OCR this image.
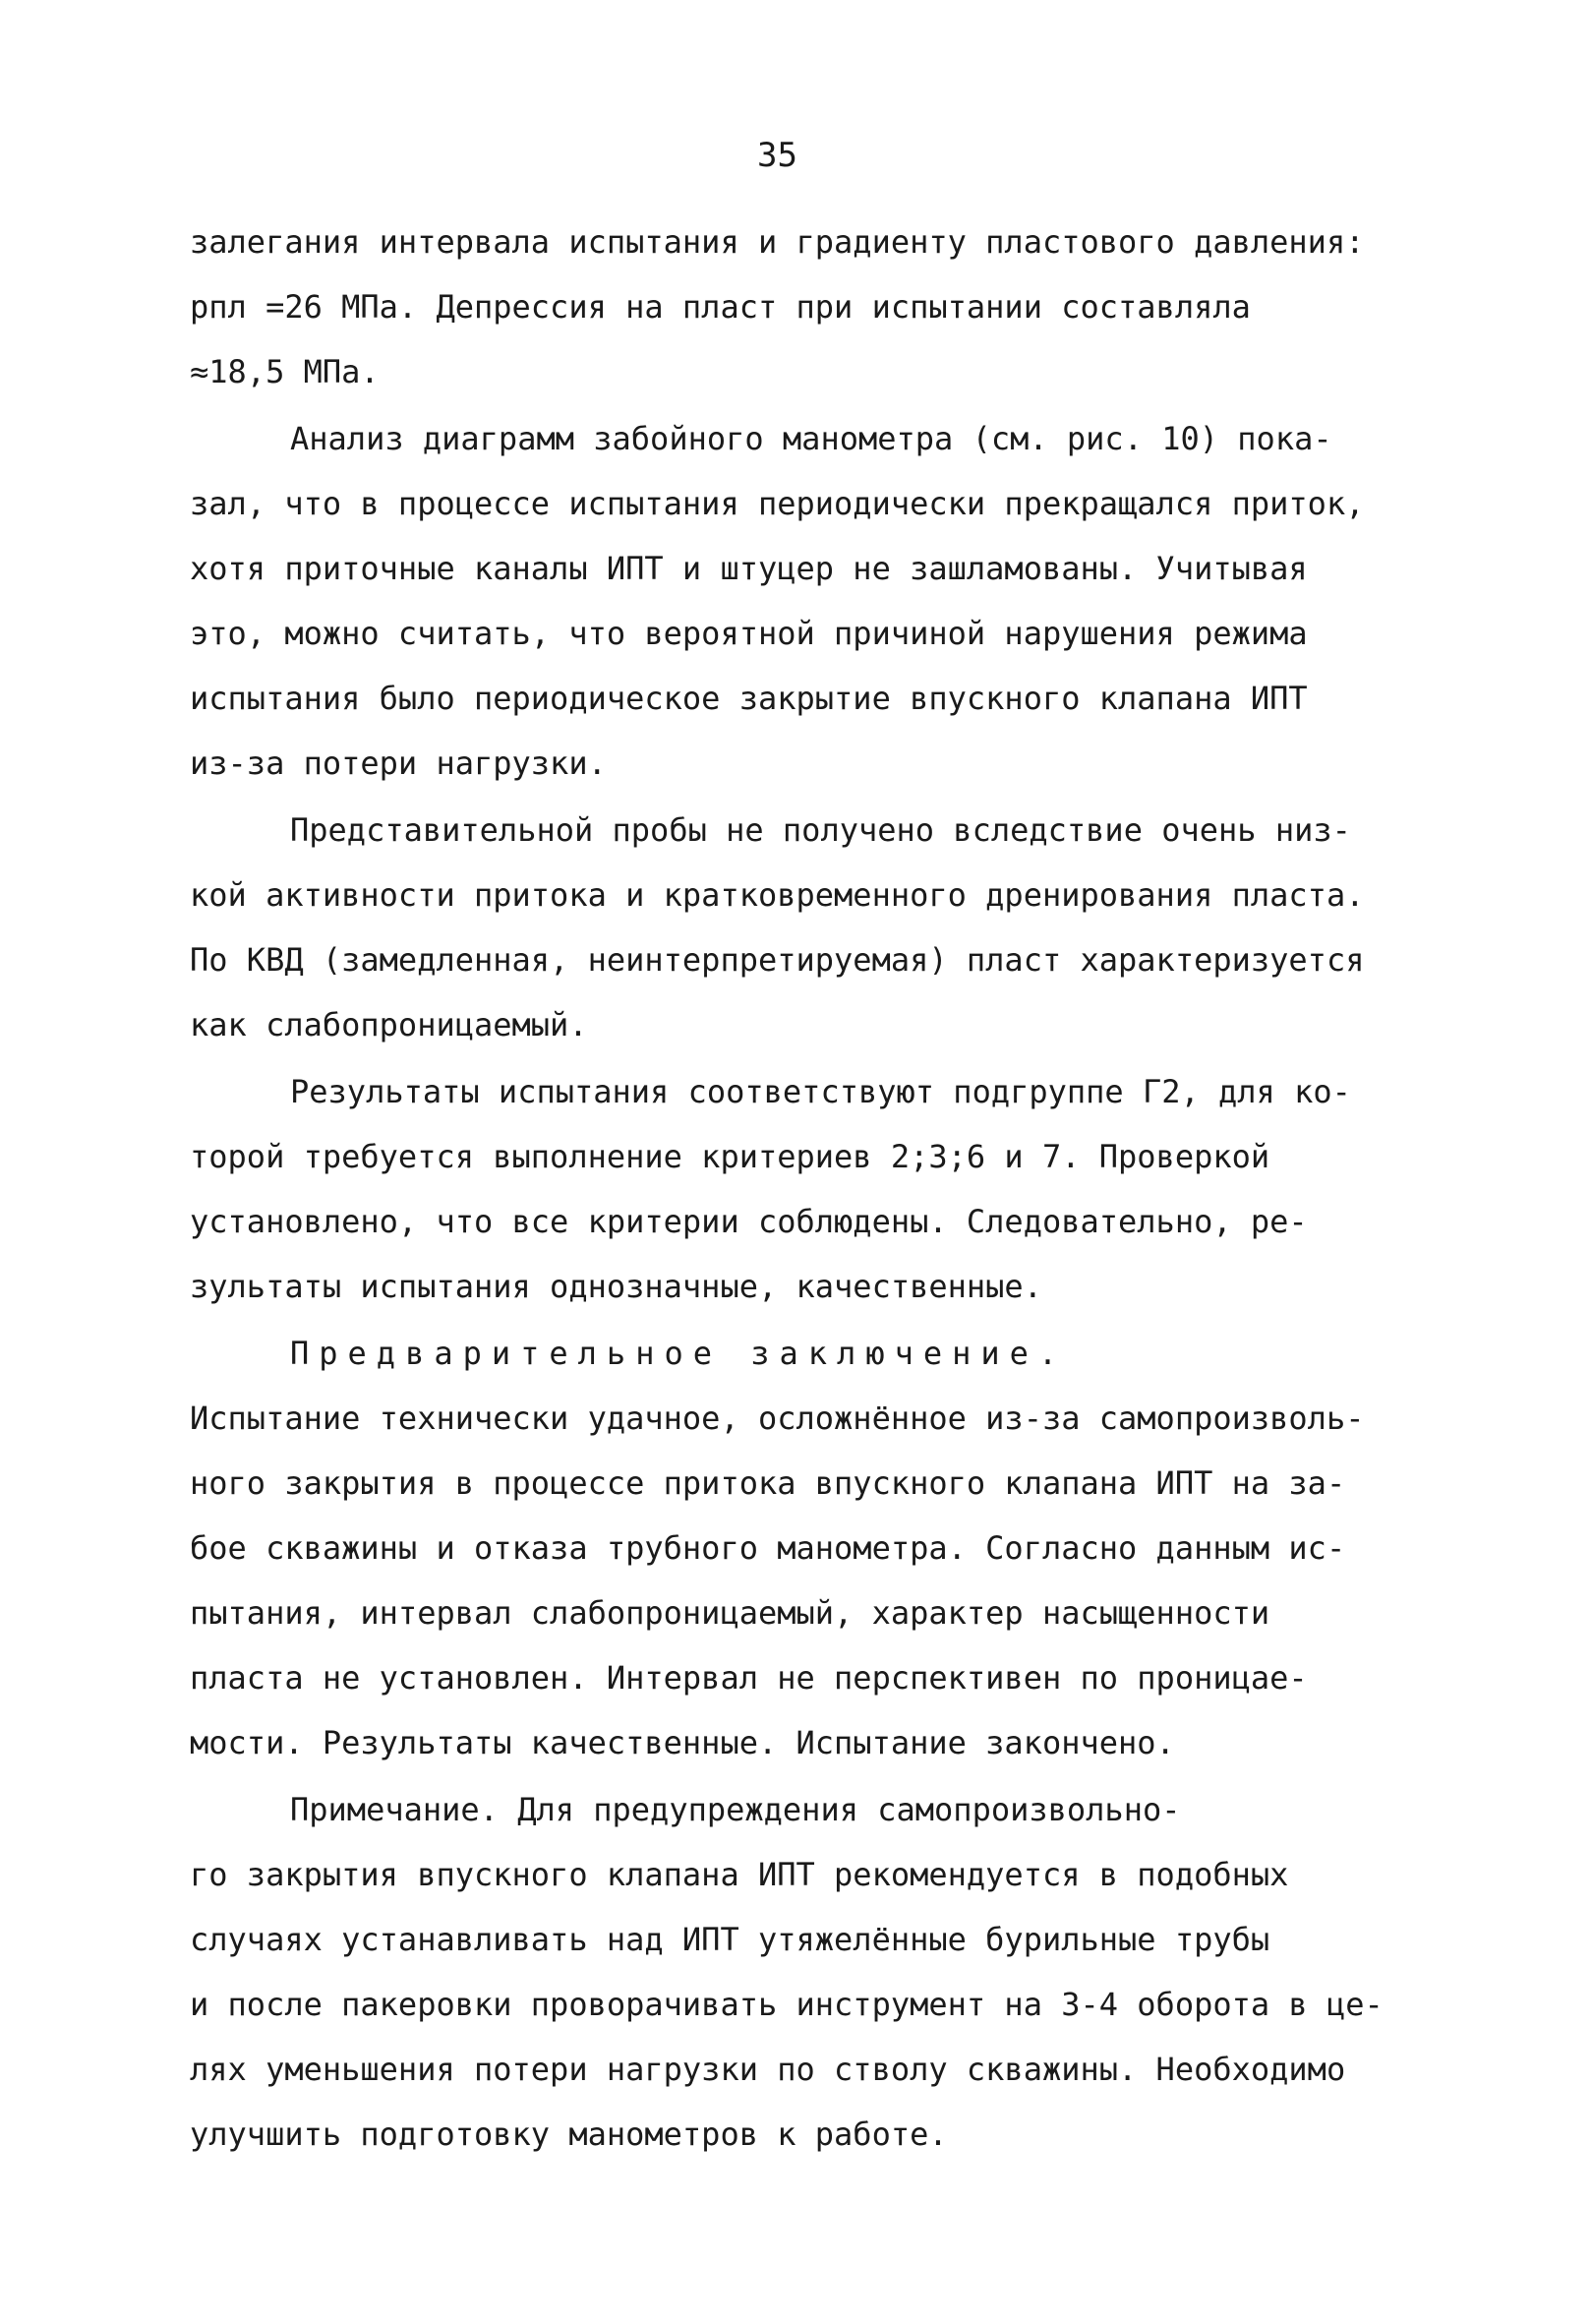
35
залегания интервала испытания и градиенту пластового давления:
pпл =26 МПа. Депрессия на пласт при испытании составляла
≈18,5 МПа.
Анализ диаграмм забойного манометра (см. рис. 10) пока-
зал, что в процессе испытания периодически прекращался приток,
хотя приточные каналы ИПТ и штуцер не зашламованы. Учитывая
это, можно считать, что вероятной причиной нарушения режима
испытания было периодическое закрытие впускного клапана ИПТ
из-за потери нагрузки.
Представительной пробы не получено вследствие очень низ-
кой активности притока и кратковременного дренирования пласта.
По КВД (замедленная, неинтерпретируемая) пласт характеризуется
как слабопроницаемый.
Результаты испытания соответствуют подгруппе Г2, для ко-
торой требуется выполнение критериев 2;3;6 и 7. Проверкой
установлено, что все критерии соблюдены. Следовательно, ре-
зультаты испытания однозначные, качественные.
Предварительное заключение.
Испытание технически удачное, осложнённое из-за самопроизволь-
ного закрытия в процессе притока впускного клапана ИПТ на за-
бое скважины и отказа трубного манометра. Согласно данным ис-
пытания, интервал слабопроницаемый, характер насыщенности
пласта не установлен. Интервал не перспективен по проницае-
мости. Результаты качественные. Испытание закончено.
Примечание. Для предупреждения самопроизвольно-
го закрытия впускного клапана ИПТ рекомендуется в подобных
случаях устанавливать над ИПТ утяжелённые бурильные трубы
и после пакеровки проворачивать инструмент на 3-4 оборота в це-
лях уменьшения потери нагрузки по стволу скважины. Необходимо
улучшить подготовку манометров к работе.
